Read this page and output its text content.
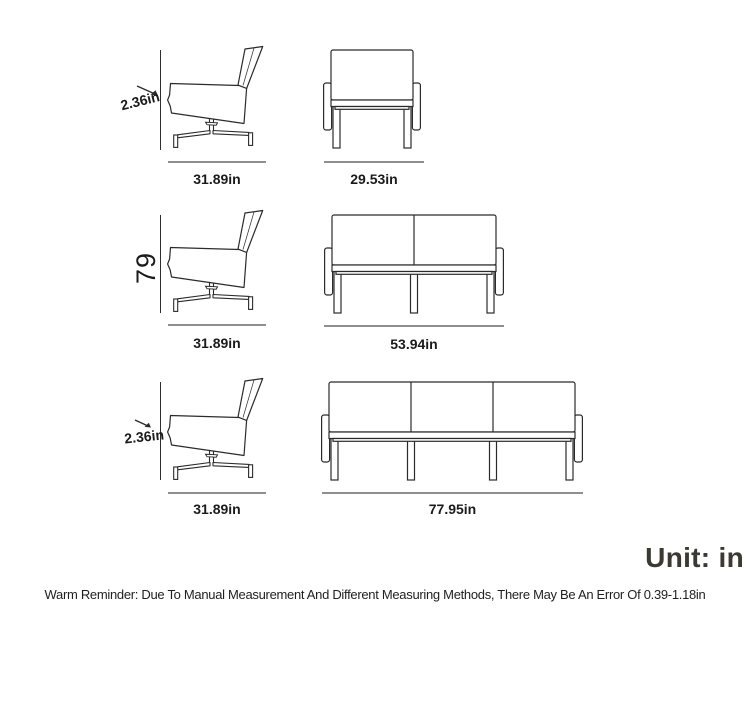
2.36in
31.89in	29.53in
79
31.89in	53.94in
2.36in
31.89in	77.95in
Unit: in
Warm Reminder: Due To Manual Measurement And Different Measuring Methods, There May Be An Error Of 0.39-1.18in
